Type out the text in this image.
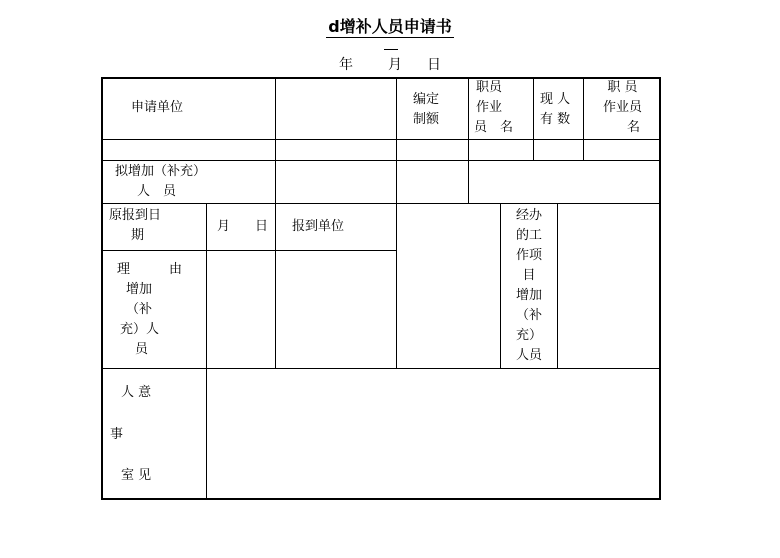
d增补人员申请书
年	月 日
申请单位
编定
制额
职员
作业
员　名
现 人
有 数
职 员
作业员
名
拟增加（补充）
人　员
原报到日
期
月 日 报到单位
经办
的工
作项
目
增加
（补
充）
人员
理　　　由
增加
（补
充）人
员
人 意
事
室 见
